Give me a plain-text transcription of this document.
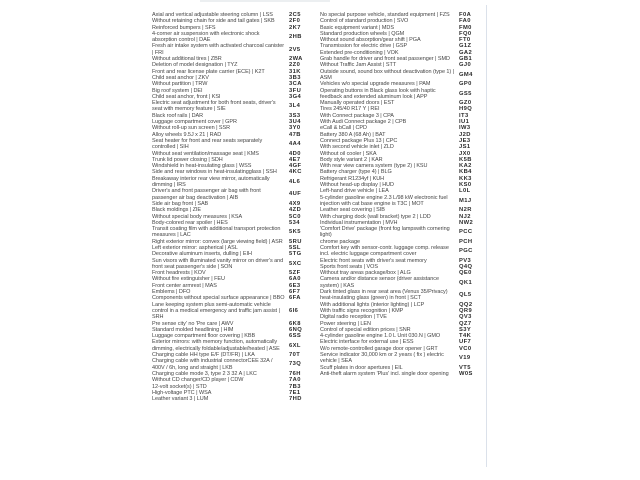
Axial and vertical adjustable steering column | LSS	2C5
Without retaining chain for side and tail gates | SKB	2F0
Reinforced bumpers | SFS	2K7
4-corner air suspension with electronic shock absorption control | DAE
2HB
Fresh air intake system with activated charcoal canister | FRI
2V5
Without additional tires | ZBR	2WA
Deletion of model designation | TYZ	2Z0
Front and rear license plate carrier (ECE) | K2T	31K
Child seat anchor | ZKV	3B3
Without partition | TRW	3CA
Big roof system | DEI	3FU
Child seat anchor, front | KSI	3G4
Electric seat adjustment for both front seats, driver's seat with memory feature | SIE
3L4
Black roof rails | DAR	3S3
Luggage compartment cover | GPR	3U4
Without roll-up sun screen | SSR	3Y0
Alloy wheels 9.5J x 21 | RAD	47B
Seat heater for front and rear seats separately controlled | SIH
4A4
Without seat ventilation/massage seat | KMS	4D0
Trunk lid power closing | SDH	4E7
Windshield in heat-insulating glass | WSS	4GF
Side and rear windows in heat-insulatingglass | SSH	4KC
Breakaway interior rear view mirror, automatically dimming | IRS
4L6
Driver's and front passenger air bag with front passenger air bag deactivation | AIB
4UF
Side air bag front | SAB	4X9
Black moldings | ZIE	4ZD
Without special body measures | KSA	5C0
Body-colored rear spoiler | HES	534
Transit coating film with additional transport protection measures | LAC
5K5
Right exterior mirror: convex (large viewing field) | ASR	5RU
Left exterior mirror: aspherical | ASL	5SL
Decorative aluminum inserts, dulling | EIH	5TG
Sun visors with illuminated vanity mirror on driver's and front seat passenger's side | SON
5XC
Front headrests | KOV	5ZF
Without fire extinguisher | FEU	6A0
Front center armrest | MAS	6E3
Emblems | DFO	6F7
Components without special surface appearance | BBO 6FA
Lane keeping system plus semi-automatic vehicle control in a medical emergency and traffic jam assist | SRH
6I6
Pre sense city' no 'Pre care | AWV	6K8
Standard molded headlining | HIM	6NQ
Luggage compartment floor covering | KBB	6SS
Exterior mirrors: with memory function, automatically dimming, electrically foldable/adjustable/heated | ASE
6XL
Charging cable HH type E/F (DT/FR) | LKA	70T
Charging cable with industrial connectorCEE 32A / 400V / 6h, long and straight | LKB
73Q
Charging cable mode 3, type 2 3 32 A | LKC	76H
Without CD changer/CD player | CDW	7A0
12-volt socket(s) | STD	7B3
High-voltage PTC | WSA	7E1
Leather variant 3 | LUM	7HD
No special purpose vehicle, standard equipment | FZS	F0A
Control of standard production | SVO	FA0
Basic equipment variant | MDS	FM0
Standard production wheels | QGM	FQ0
Without sound absorption/gear shift | PGA	FT0
Transmission for electric drive | GSP	G1Z
Extended pre-conditioning | VOK	GA2
Grab handle for driver and front seat passenger | SMD	GB1
Without Traffic Jam Assist | STT	GJ0
Outside sound, sound box without deactivation (type 1) | ASM
GM4
Vehicles w/o special upgrade measures | PAM	GP0
Operating buttons in Black glass look with haptic feedback and extended aluminum look | APP
GS5
Manually operated doors | EST	GZ0
Tires 245/40 R17 Y | REI	H9Q
With Connect package 3 | CPA	IT3
With Audi Connect package 2 | CPB	IU1
eCall & bCall | CPD	IW3
Battery 380 A (68 Ah) | BAT	J2D
Connect package Plus 13 | CPC	JE3
With second vehicle inlet | ZLD	JS1
Without oil cooler | SKA	JX0
Body style variant 2 | KAR	K5B
With rear view camera system (type 2) | KSU	KA2
Battery charger (type 4) | BLG	KB4
Refrigerant R1234yf | KUH	KK3
Without head-up display | HUD	KS0
Left-hand drive vehicle | LEA	L0L
5-cylinder gasoline engine 2.3 L/98 kW electronic fuel injection with cat base engine is T3C | MOT
M1J
Leather seat covering | SIB	N2R
With charging dock (wall bracket) type 2 | LDD	NJ2
Individual instrumentation | MVH	NW2
'Comfort Drive' package (front fog lampswith cornering light)
PCC
chrome package	PCH
Comfort key with sensor-contr. luggage comp. release incl. electric luggage compartment cover
PGC
Electric front seats with driver's seat memory	PV3
Sports front seats | VOS	Q4Q
Without tray areas package/box | ALG	QE0
Camera and/or distance sensor (driver assistance system) | KAS
QK1
Dark tinted glass in rear seat area (Venus 35/Privacy) heat-insulating glass (green) in front | SCT
QL5
With additional lights (interior lighting) | LCP	QQ2
With traffic signs recognition | KMP	QR9
Digital radio reception | TVE	QV3
Power steering | LEN	QZ7
Control of special edition prices | SNR	S3Y
4-cylinder gasoline engine 1.0 L Unit 030.N | GMO	T4K
Electric interface for external use | ESS	UF7
W/o remote-controlled garage door opener | GRT	VC0
Service indicator 30,000 km or 2 years ( fix ) electric vehicle | SEA
V19
Scuff plates in door apertures | EIL	VT5
Anti-theft alarm system 'Plus' incl. single door opening	W0S
